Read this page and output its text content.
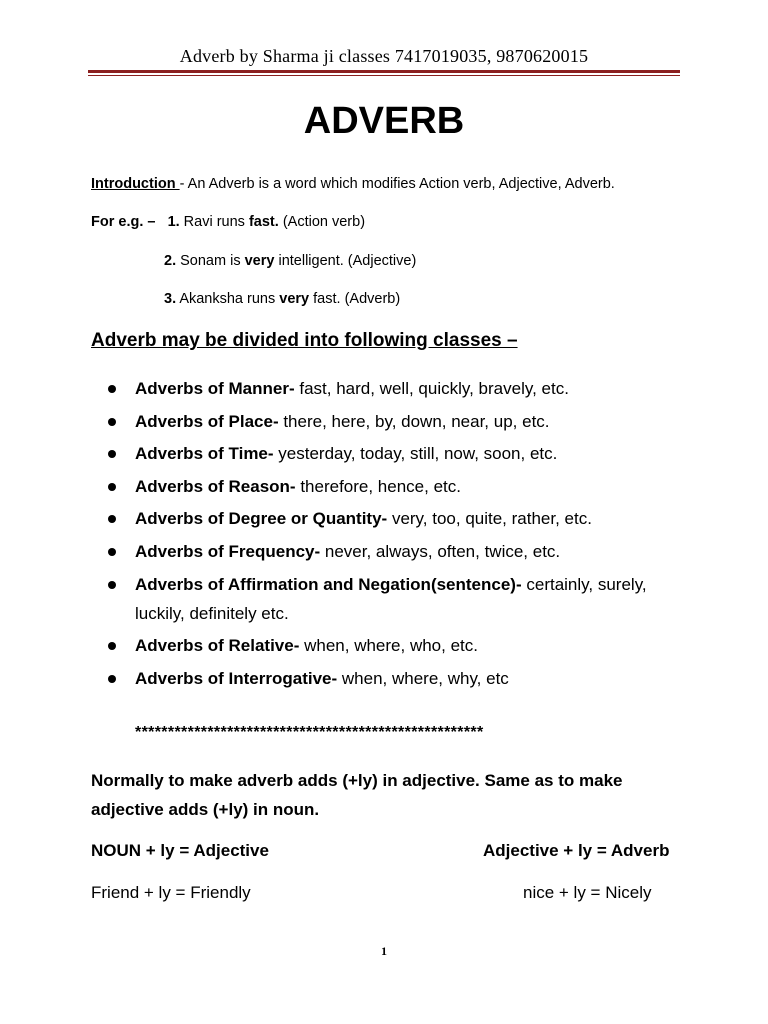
Adverb by Sharma ji classes 7417019035, 9870620015
ADVERB
Introduction - An Adverb is a word which modifies Action verb, Adjective, Adverb.
For e.g. – 1. Ravi runs fast. (Action verb)
2. Sonam is very intelligent. (Adjective)
3. Akanksha runs very fast. (Adverb)
Adverb may be divided into following classes –
Adverbs of Manner- fast, hard, well, quickly, bravely, etc.
Adverbs of Place- there, here, by, down, near, up, etc.
Adverbs of Time- yesterday, today, still, now, soon, etc.
Adverbs of Reason- therefore, hence, etc.
Adverbs of Degree or Quantity- very, too, quite, rather, etc.
Adverbs of Frequency- never, always, often, twice, etc.
Adverbs of Affirmation and Negation(sentence)- certainly, surely, luckily, definitely etc.
Adverbs of Relative- when, where, who, etc.
Adverbs of Interrogative- when, where, why, etc
*****************************************************
Normally to make adverb adds (+ly) in adjective. Same as to make adjective adds (+ly) in noun.
NOUN + ly = Adjective	Adjective + ly = Adverb
Friend + ly = Friendly	nice + ly = Nicely
1
